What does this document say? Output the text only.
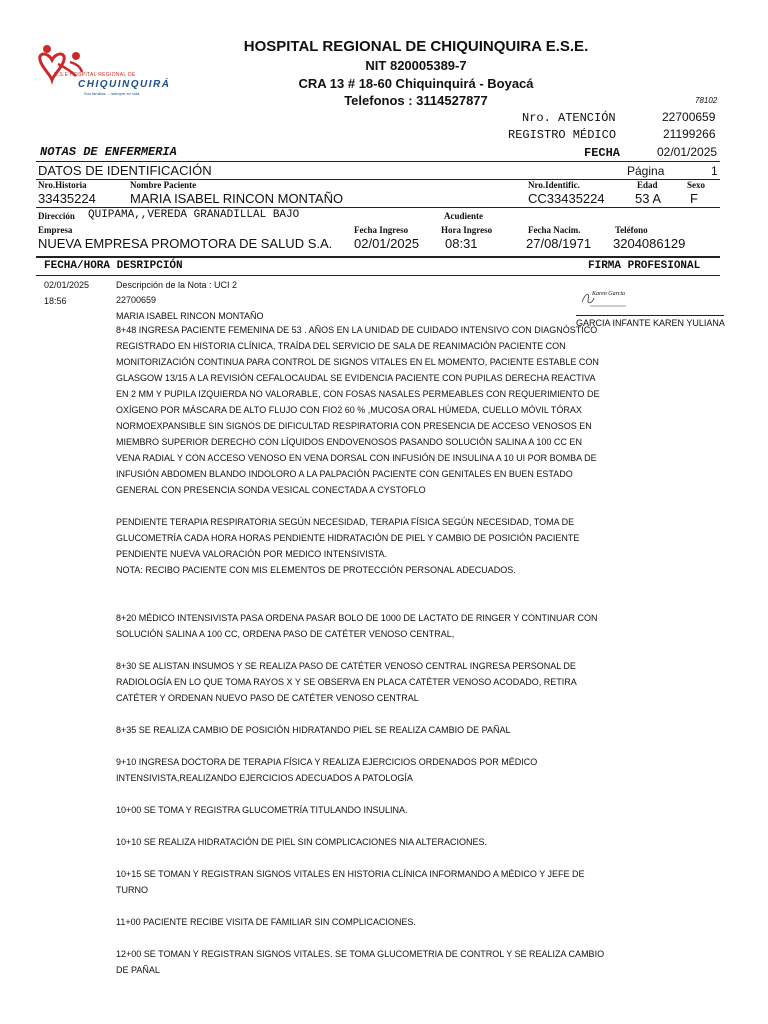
E.S.E HOSPITAL REGIONAL DE
CHIQUINQUIRÁ
Sus familias ... siempre en vida
HOSPITAL REGIONAL DE CHIQUINQUIRA E.S.E.
NIT 820005389-7
CRA 13 # 18-60 Chiquinquirá - Boyacá
Telefonos : 3114527877	78102
Nro. ATENCIÓN	22700659
REGISTRO MÉDICO	21199266
FECHA	02/01/2025
NOTAS DE ENFERMERIA
DATOS DE IDENTIFICACIÓN	Página	1
Nro.Historia	Nombre Paciente	Nro.Identific.	Edad	Sexo
33435224	MARIA ISABEL RINCON MONTAÑO	CC33435224 53 A F
Dirección QUIPAMA,,VEREDA GRANADILLAL BAJO	Acudiente
Empresa	Fecha Ingreso	Hora Ingreso	Fecha Nacim.	Teléfono
NUEVA EMPRESA PROMOTORA DE SALUD S.A. 02/01/2025 08:31	27/08/1971 3204086129
FECHA/HORA DESRIPCIÓN	FIRMA PROFESIONAL
02/01/2025
18:56
Descripción de la Nota : UCI 2
22700659
MARIA ISABEL RINCON MONTAÑO
Karen Garcia
GARCIA INFANTE KAREN YULIANA
8+48 INGRESA PACIENTE FEMENINA DE 53 . AÑOS EN LA UNIDAD DE CUIDADO INTENSIVO CON DIAGNÓSTICO
REGISTRADO EN HISTORIA CLÍNICA, TRAÍDA DEL SERVICIO DE SALA DE REANIMACIÓN PACIENTE CON
MONITORIZACIÓN CONTINUA PARA CONTROL DE SIGNOS VITALES EN EL MOMENTO, PACIENTE ESTABLE CON
GLASGOW 13/15 A LA REVISIÓN CEFALOCAUDAL SE EVIDENCIA PACIENTE CON PUPILAS DERECHA REACTIVA
EN 2 MM Y PUPILA IZQUIERDA NO VALORABLE, CON FOSAS NASALES PERMEABLES CON REQUERIMIENTO DE
OXÍGENO POR MÁSCARA DE ALTO FLUJO CON FIO2 60 % ,MUCOSA ORAL HÚMEDA, CUELLO MÓVIL TÓRAX
NORMOEXPANSIBLE SIN SIGNOS DE DIFICULTAD RESPIRATORIA CON PRESENCIA DE ACCESO VENOSOS EN
MIEMBRO SUPERIOR DERECHO CON LÍQUIDOS ENDOVENOSOS PASANDO SOLUCIÓN SALINA A 100 CC EN
VENA RADIAL Y CON ACCESO VENOSO EN VENA DORSAL CON INFUSIÓN DE INSULINA A 10 UI POR BOMBA DE
INFUSIÓN ABDOMEN BLANDO INDOLORO A LA PALPACIÓN PACIENTE CON GENITALES EN BUEN ESTADO
GENERAL CON PRESENCIA SONDA VESICAL CONECTADA A CYSTOFLO

PENDIENTE TERAPIA RESPIRATORIA SEGÚN NECESIDAD, TERAPIA FÍSICA SEGÚN NECESIDAD, TOMA DE
GLUCOMETRÍA CADA HORA HORAS PENDIENTE HIDRATACIÓN DE PIEL Y CAMBIO DE POSICIÓN PACIENTE
PENDIENTE NUEVA VALORACIÓN POR MEDICO INTENSIVISTA.
NOTA: RECIBO PACIENTE CON MIS ELEMENTOS DE PROTECCIÓN PERSONAL ADECUADOS.

8+20 MÉDICO INTENSIVISTA PASA ORDENA PASAR BOLO DE 1000 DE LACTATO DE RINGER Y CONTINUAR CON
SOLUCIÓN SALINA A 100 CC, ORDENA PASO DE CATÉTER VENOSO CENTRAL,

8+30 SE ALISTAN INSUMOS Y SE REALIZA PASO DE CATÉTER VENOSO CENTRAL INGRESA PERSONAL DE
RADIOLOGÍA EN LO QUE TOMA RAYOS X Y SE OBSERVA EN PLACA CATÉTER VENOSO ACODADO, RETIRA
CATÉTER Y ORDENAN NUEVO PASO DE CATÉTER VENOSO CENTRAL

8+35 SE REALIZA CAMBIO DE POSICIÓN HIDRATANDO PIEL SE REALIZA CAMBIO DE PAÑAL

9+10 INGRESA DOCTORA DE TERAPIA FÍSICA Y REALIZA EJERCICIOS ORDENADOS POR MÉDICO
INTENSIVISTA,REALIZANDO EJERCICIOS ADECUADOS A PATOLOGÍA

10+00 SE TOMA Y REGISTRA GLUCOMETRÍA TITULANDO INSULINA.

10+10 SE REALIZA HIDRATACIÓN DE PIEL SIN COMPLICACIONES NIA ALTERACIONES.

10+15 SE TOMAN Y REGISTRAN SIGNOS VITALES EN HISTORIA CLÍNICA INFORMANDO A MÉDICO Y JEFE DE
TURNO

11+00 PACIENTE RECIBE VISITA DE FAMILIAR SIN COMPLICACIONES.

12+00 SE TOMAN Y REGISTRAN SIGNOS VITALES. SE TOMA GLUCOMETRIA DE CONTROL Y SE REALIZA CAMBIO
DE PAÑAL
